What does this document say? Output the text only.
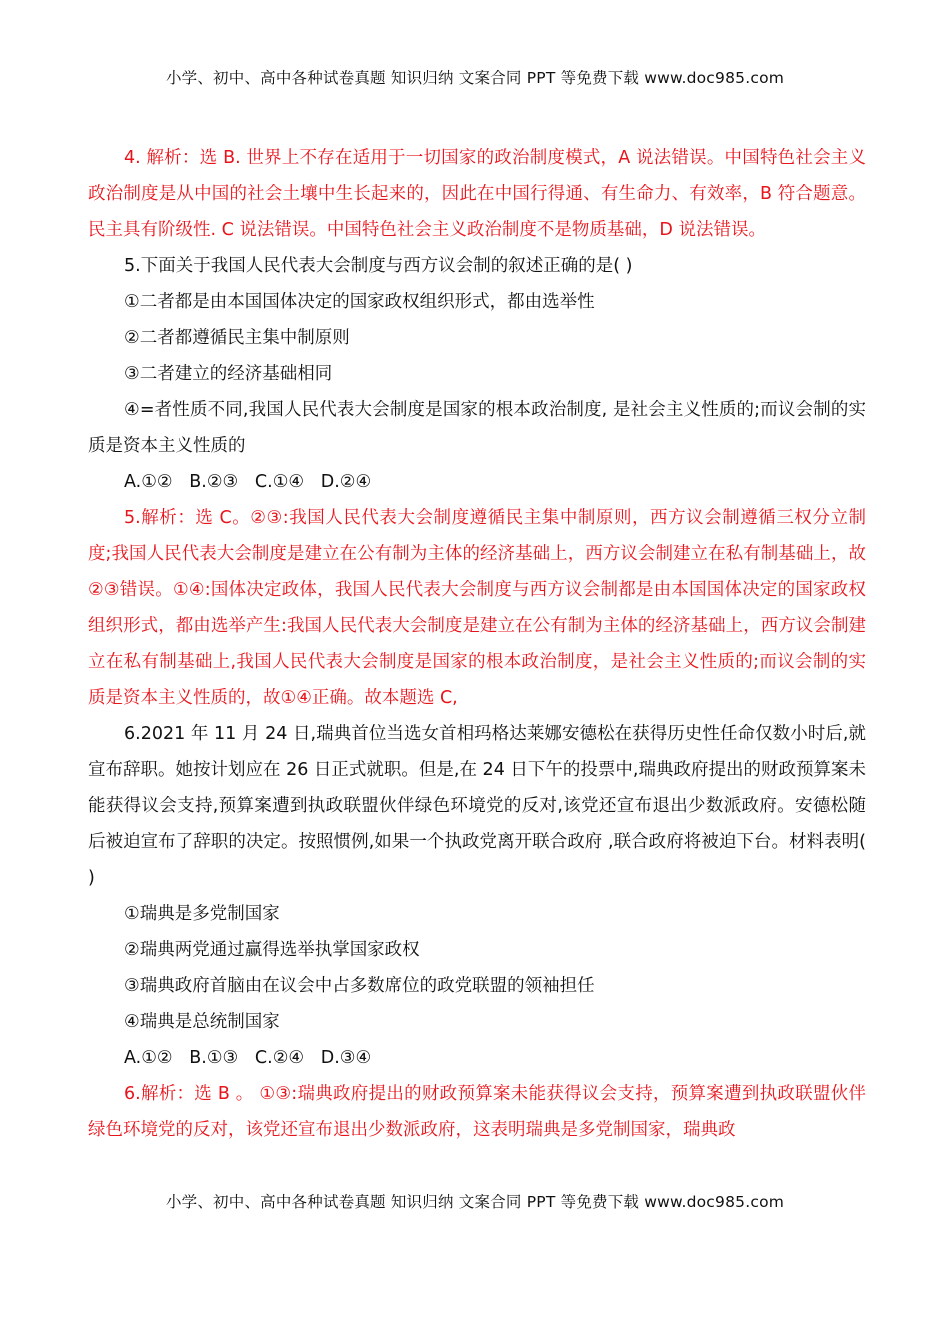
小学、初中、高中各种试卷真题 知识归纳 文案合同 PPT 等免费下载 www.doc985.com

4. 解析：选 B. 世界上不存在适用于一切国家的政治制度模式，A 说法错误。中国特色社会主义政治制度是从中国的社会土壤中生长起来的，因此在中国行得通、有生命力、有效率，B 符合题意。民主具有阶级性. C 说法错误。中国特色社会主义政治制度不是物质基础，D 说法错误。

5.下面关于我国人民代表大会制度与西方议会制的叙述正确的是( )

①二者都是由本国国体决定的国家政权组织形式，都由选举性

②二者都遵循民主集中制原则

③二者建立的经济基础相同

④=者性质不同,我国人民代表大会制度是国家的根本政治制度, 是社会主义性质的;而议会制的实质是资本主义性质的

A.①②   B.②③   C.①④   D.②④

5.解析：选 C。②③:我国人民代表大会制度遵循民主集中制原则，西方议会制遵循三权分立制度;我国人民代表大会制度是建立在公有制为主体的经济基础上，西方议会制建立在私有制基础上，故②③错误。①④:国体决定政体，我国人民代表大会制度与西方议会制都是由本国国体决定的国家政权组织形式，都由选举产生:我国人民代表大会制度是建立在公有制为主体的经济基础上，西方议会制建立在私有制基础上,我国人民代表大会制度是国家的根本政治制度，是社会主义性质的;而议会制的实质是资本主义性质的，故①④正确。故本题选 C,

6.2021 年 11 月 24 日,瑞典首位当选女首相玛格达莱娜安德松在获得历史性任命仅数小时后,就宣布辞职。她按计划应在 26 日正式就职。但是,在 24 日下午的投票中,瑞典政府提出的财政预算案未能获得议会支持,预算案遭到执政联盟伙伴绿色环境党的反对,该党还宣布退出少数派政府。安德松随后被迫宣布了辞职的决定。按照惯例,如果一个执政党离开联合政府 ,联合政府将被迫下台。材料表明( )

①瑞典是多党制国家

②瑞典两党通过赢得选举执掌国家政权

③瑞典政府首脑由在议会中占多数席位的政党联盟的领袖担任

④瑞典是总统制国家

A.①②   B.①③   C.②④   D.③④

6.解析：选 B 。 ①③:瑞典政府提出的财政预算案未能获得议会支持，预算案遭到执政联盟伙伴绿色环境党的反对，该党还宣布退出少数派政府，这表明瑞典是多党制国家，瑞典政

小学、初中、高中各种试卷真题 知识归纳 文案合同 PPT 等免费下载 www.doc985.com
